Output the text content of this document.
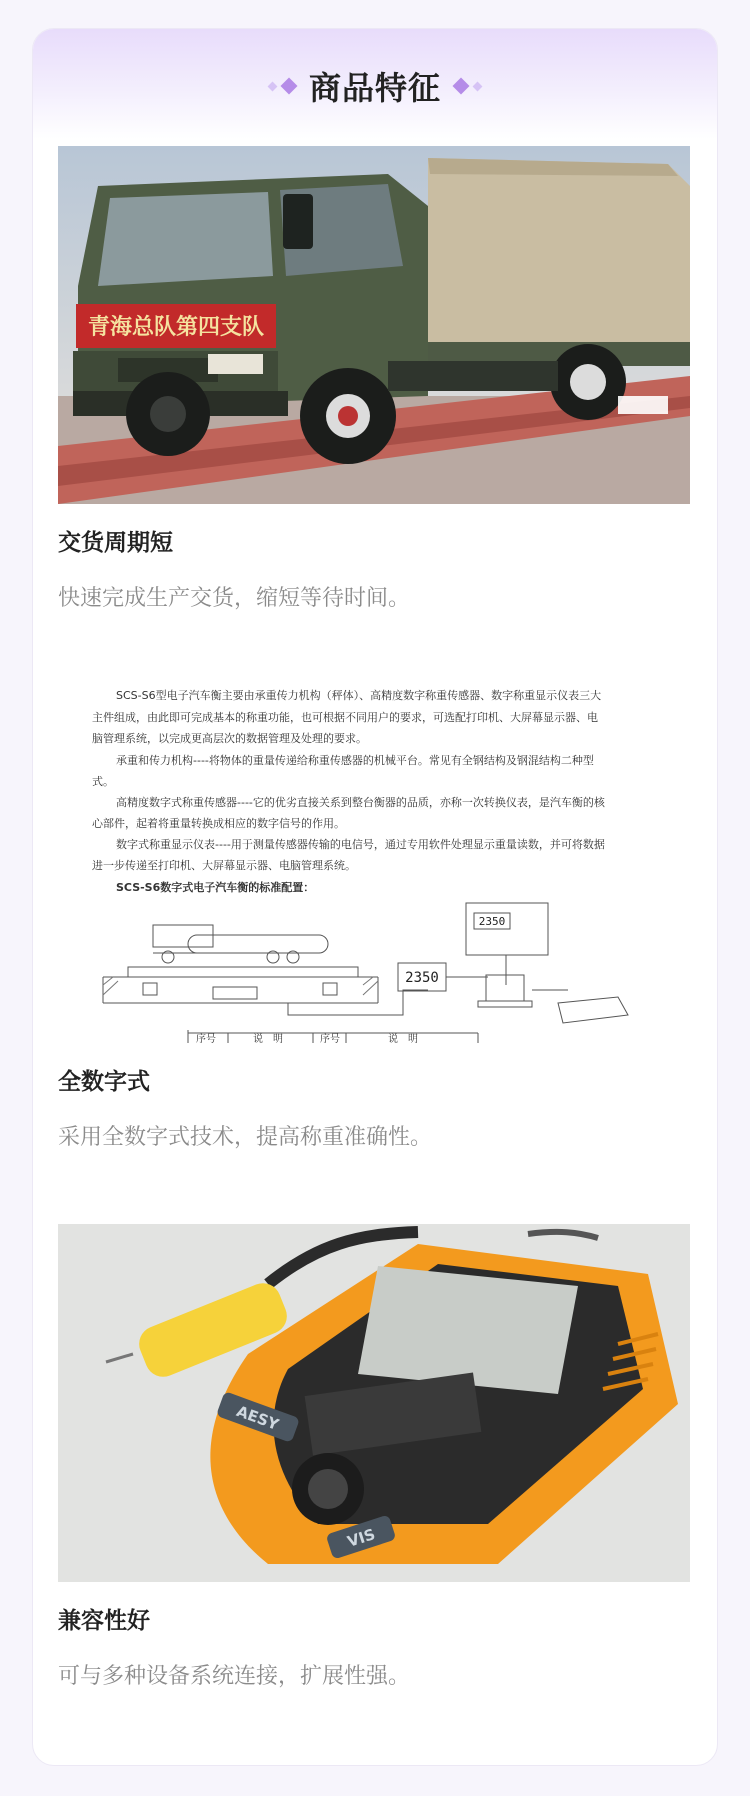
商品特征
青海总队第四支队
交货周期短
快速完成生产交货，缩短等待时间。
SCS-S6型电子汽车衡主要由承重传力机构（秤体）、高精度数字称重传感器、数字称重显示仪表三大
主件组成，由此即可完成基本的称重功能，也可根据不同用户的要求，可选配打印机、大屏幕显示器、电
脑管理系统，以完成更高层次的数据管理及处理的要求。
承重和传力机构----将物体的重量传递给称重传感器的机械平台。常见有全钢结构及钢混结构二种型
式。
高精度数字式称重传感器----它的优劣直接关系到整台衡器的品质，亦称一次转换仪表，是汽车衡的核
心部件，起着将重量转换成相应的数字信号的作用。
数字式称重显示仪表----用于测量传感器传输的电信号，通过专用软件处理显示重量读数，并可将数据
进一步传递至打印机、大屏幕显示器、电脑管理系统。
SCS-S6数字式电子汽车衡的标准配置：
2350
2350
序号	说　明	序号	说　明
全数字式
采用全数字式技术，提高称重准确性。
AESY
VIS
兼容性好
可与多种设备系统连接，扩展性强。
